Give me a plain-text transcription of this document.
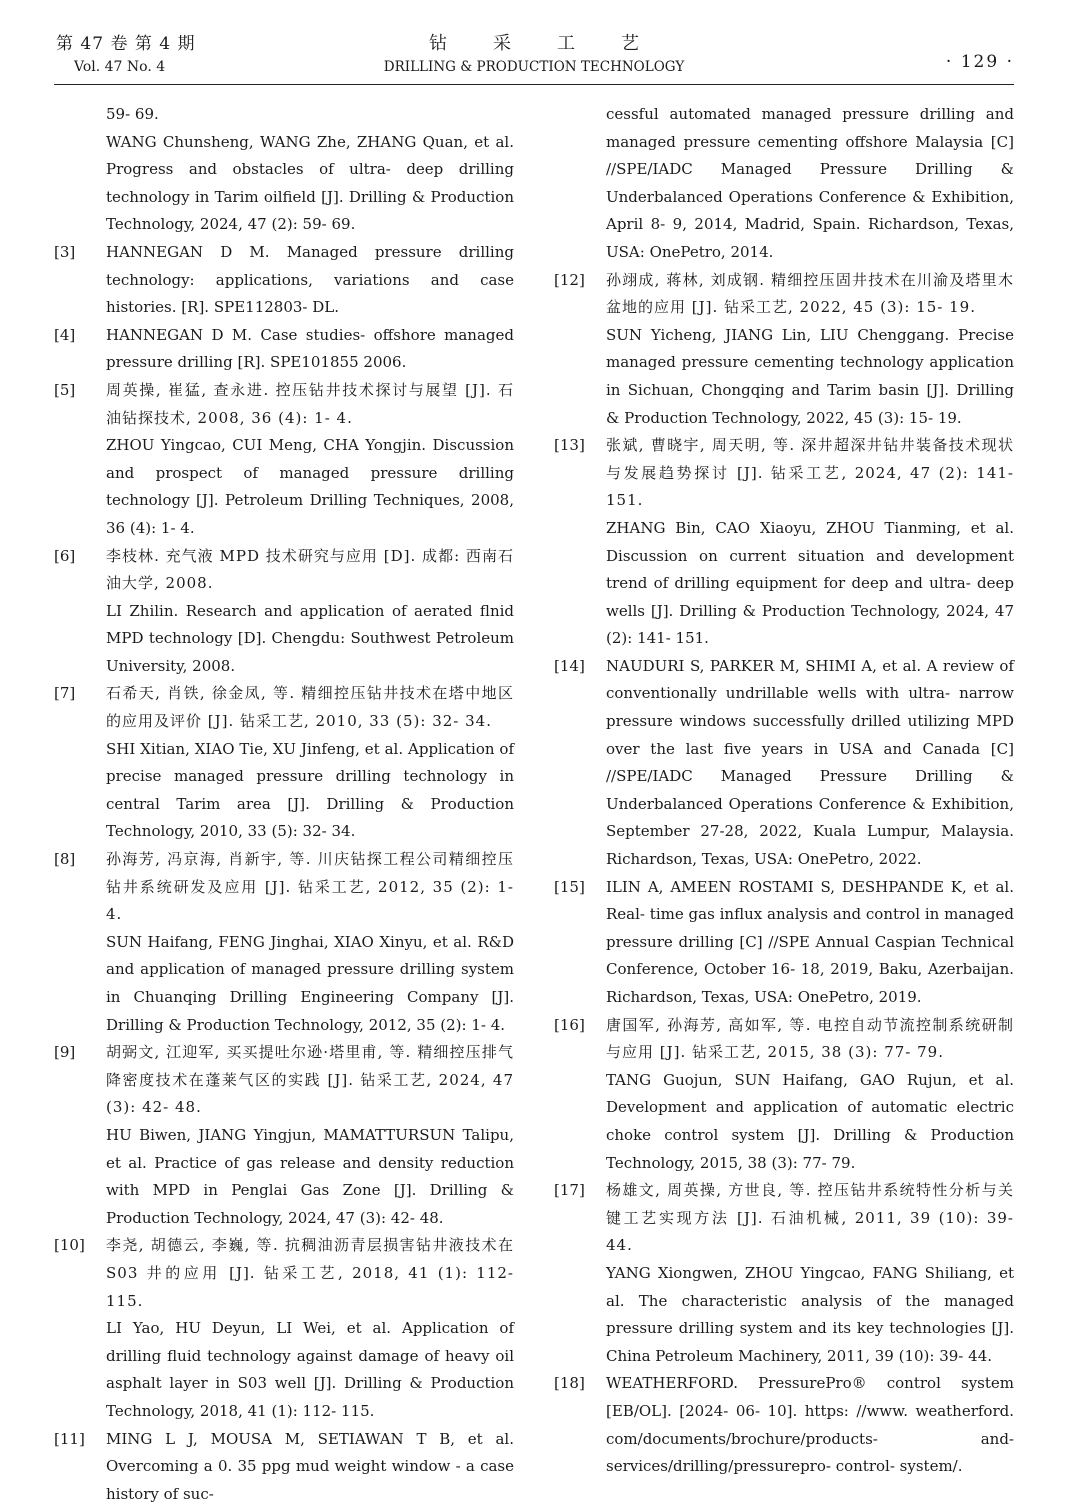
第 47 卷 第 4 期
Vol. 47 No. 4
钻采工艺
DRILLING & PRODUCTION TECHNOLOGY	· 129 ·
59- 69.
WANG Chunsheng, WANG Zhe, ZHANG Quan, et al. Progress and obstacles of ultra- deep drilling technology in Tarim oilfield [J]. Drilling & Production Technology, 2024, 47 (2): 59- 69.
[3] HANNEGAN D M. Managed pressure drilling technology: applications, variations and case histories. [R]. SPE112803- DL.
[4] HANNEGAN D M. Case studies- offshore managed pressure drilling [R]. SPE101855 2006.
[5] 周英操, 崔猛, 查永进. 控压钻井技术探讨与展望 [J]. 石油钻探技术, 2008, 36 (4): 1- 4.
ZHOU Yingcao, CUI Meng, CHA Yongjin. Discussion and prospect of managed pressure drilling technology [J]. Petroleum Drilling Techniques, 2008, 36 (4): 1- 4.
[6] 李枝林. 充气液 MPD 技术研究与应用 [D]. 成都: 西南石油大学, 2008.
LI Zhilin. Research and application of aerated flnid MPD technology [D]. Chengdu: Southwest Petroleum University, 2008.
[7] 石希天, 肖铁, 徐金凤, 等. 精细控压钻井技术在塔中地区的应用及评价 [J]. 钻采工艺, 2010, 33 (5): 32- 34.
SHI Xitian, XIAO Tie, XU Jinfeng, et al. Application of precise managed pressure drilling technology in central Tarim area [J]. Drilling & Production Technology, 2010, 33 (5): 32- 34.
[8] 孙海芳, 冯京海, 肖新宇, 等. 川庆钻探工程公司精细控压钻井系统研发及应用 [J]. 钻采工艺, 2012, 35 (2): 1- 4.
SUN Haifang, FENG Jinghai, XIAO Xinyu, et al. R&D and application of managed pressure drilling system in Chuanqing Drilling Engineering Company [J]. Drilling & Production Technology, 2012, 35 (2): 1- 4.
[9] 胡弼文, 江迎军, 买买提吐尔逊·塔里甫, 等. 精细控压排气降密度技术在蓬莱气区的实践 [J]. 钻采工艺, 2024, 47 (3): 42- 48.
HU Biwen, JIANG Yingjun, MAMATTURSUN Talipu, et al. Practice of gas release and density reduction with MPD in Penglai Gas Zone [J]. Drilling & Production Technology, 2024, 47 (3): 42- 48.
[10] 李尧, 胡德云, 李巍, 等. 抗稠油沥青层损害钻井液技术在 S03 井的应用 [J]. 钻采工艺, 2018, 41 (1): 112- 115.
LI Yao, HU Deyun, LI Wei, et al. Application of drilling fluid technology against damage of heavy oil asphalt layer in S03 well [J]. Drilling & Production Technology, 2018, 41 (1): 112- 115.
[11] MING L J, MOUSA M, SETIAWAN T B, et al. Overcoming a 0. 35 ppg mud weight window - a case history of suc-
cessful automated managed pressure drilling and managed pressure cementing offshore Malaysia [C] //SPE/IADC Managed Pressure Drilling & Underbalanced Operations Conference & Exhibition, April 8- 9, 2014, Madrid, Spain. Richardson, Texas, USA: OnePetro, 2014.
[12] 孙翊成, 蒋林, 刘成钢. 精细控压固井技术在川渝及塔里木盆地的应用 [J]. 钻采工艺, 2022, 45 (3): 15- 19.
SUN Yicheng, JIANG Lin, LIU Chenggang. Precise managed pressure cementing technology application in Sichuan, Chongqing and Tarim basin [J]. Drilling & Production Technology, 2022, 45 (3): 15- 19.
[13] 张斌, 曹晓宇, 周天明, 等. 深井超深井钻井装备技术现状与发展趋势探讨 [J]. 钻采工艺, 2024, 47 (2): 141- 151.
ZHANG Bin, CAO Xiaoyu, ZHOU Tianming, et al. Discussion on current situation and development trend of drilling equipment for deep and ultra- deep wells [J]. Drilling & Production Technology, 2024, 47 (2): 141- 151.
[14] NAUDURI S, PARKER M, SHIMI A, et al. A review of conventionally undrillable wells with ultra- narrow pressure windows successfully drilled utilizing MPD over the last five years in USA and Canada [C] //SPE/IADC Managed Pressure Drilling & Underbalanced Operations Conference & Exhibition, September 27-28, 2022, Kuala Lumpur, Malaysia. Richardson, Texas, USA: OnePetro, 2022.
[15] ILIN A, AMEEN ROSTAMI S, DESHPANDE K, et al. Real- time gas influx analysis and control in managed pressure drilling [C] //SPE Annual Caspian Technical Conference, October 16- 18, 2019, Baku, Azerbaijan. Richardson, Texas, USA: OnePetro, 2019.
[16] 唐国军, 孙海芳, 高如军, 等. 电控自动节流控制系统研制与应用 [J]. 钻采工艺, 2015, 38 (3): 77- 79.
TANG Guojun, SUN Haifang, GAO Rujun, et al. Development and application of automatic electric choke control system [J]. Drilling & Production Technology, 2015, 38 (3): 77- 79.
[17] 杨雄文, 周英操, 方世良, 等. 控压钻井系统特性分析与关键工艺实现方法 [J]. 石油机械, 2011, 39 (10): 39- 44.
YANG Xiongwen, ZHOU Yingcao, FANG Shiliang, et al. The characteristic analysis of the managed pressure drilling system and its key technologies [J]. China Petroleum Machinery, 2011, 39 (10): 39- 44.
[18] WEATHERFORD. PressurePro® control system [EB/OL]. [2024- 06- 10]. https: //www. weatherford. com/documents/brochure/products- and- services/drilling/pressurepro- control- system/.
